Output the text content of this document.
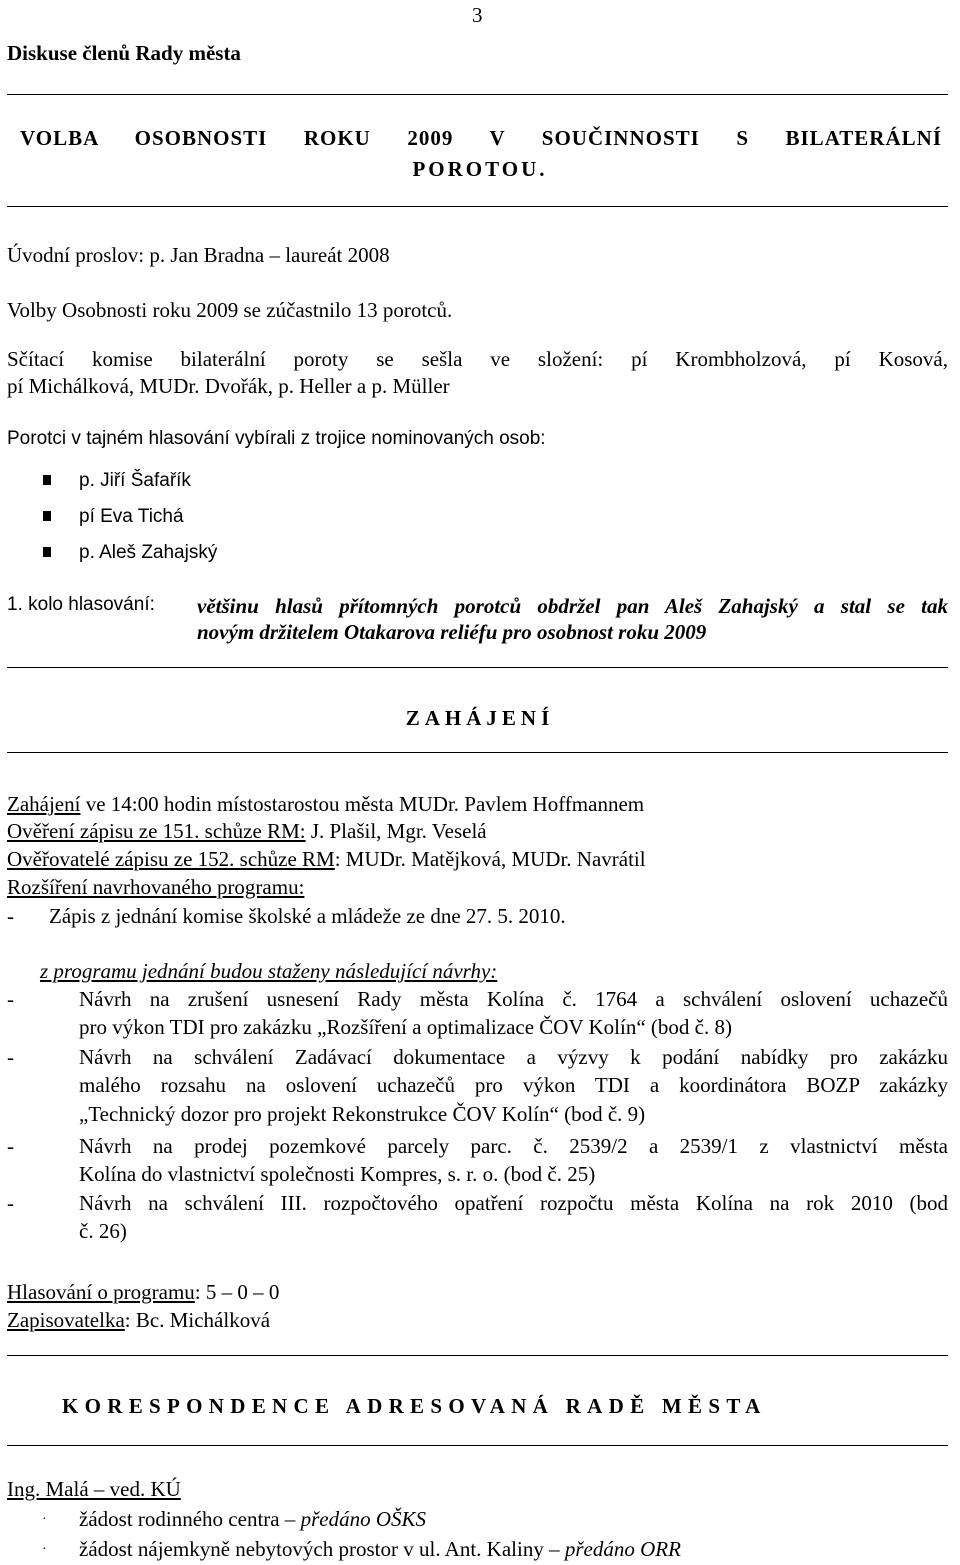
3
Diskuse členů Rady města
VOLBA OSOBNOSTI ROKU 2009 V SOUČINNOSTI S BILATERÁLNÍ
POROTOU.
Úvodní proslov: p. Jan Bradna – laureát 2008
Volby Osobnosti roku 2009 se zúčastnilo 13 porotců.
Sčítací komise bilaterální poroty se sešla ve složení: pí Krombholzová, pí Kosová,
pí Michálková, MUDr. Dvořák, p. Heller a p. Müller
Porotci v tajném hlasování vybírali z trojice nominovaných osob:
p. Jiří Šafařík
pí Eva Tichá
p. Aleš Zahajský
1. kolo hlasování: většinu hlasů přítomných porotců obdržel pan Aleš Zahajský a stal se tak
novým držitelem Otakarova reliéfu pro osobnost roku 2009
ZAHÁJENÍ
Zahájení ve 14:00 hodin místostarostou města MUDr. Pavlem Hoffmannem
Ověření zápisu ze 151. schůze RM: J. Plašil, Mgr. Veselá
Ověřovatelé zápisu ze 152. schůze RM: MUDr. Matějková, MUDr. Navrátil
Rozšíření navrhovaného programu:
- Zápis z jednání komise školské a mládeže ze dne 27. 5. 2010.
z programu jednání budou staženy následující návrhy:
-	Návrh na zrušení usnesení Rady města Kolína č. 1764 a schválení oslovení uchazečů
pro výkon TDI pro zakázku „Rozšíření a optimalizace ČOV Kolín“ (bod č. 8)
-	Návrh na schválení Zadávací dokumentace a výzvy k podání nabídky pro zakázku
malého rozsahu na oslovení uchazečů pro výkon TDI a koordinátora BOZP zakázky
„Technický dozor pro projekt Rekonstrukce ČOV Kolín“ (bod č. 9)
-	Návrh na prodej pozemkové parcely parc. č. 2539/2 a 2539/1 z vlastnictví města
Kolína do vlastnictví společnosti Kompres, s. r. o. (bod č. 25)
-	Návrh na schválení III. rozpočtového opatření rozpočtu města Kolína na rok 2010 (bod
č. 26)
Hlasování o programu: 5 – 0 – 0
Zapisovatelka: Bc. Michálková
KORESPONDENCE ADRESOVANÁ RADĚ MĚSTA
Ing. Malá – ved. KÚ
· žádost rodinného centra – předáno OŠKS
· žádost nájemkyně nebytových prostor v ul. Ant. Kaliny – předáno ORR
